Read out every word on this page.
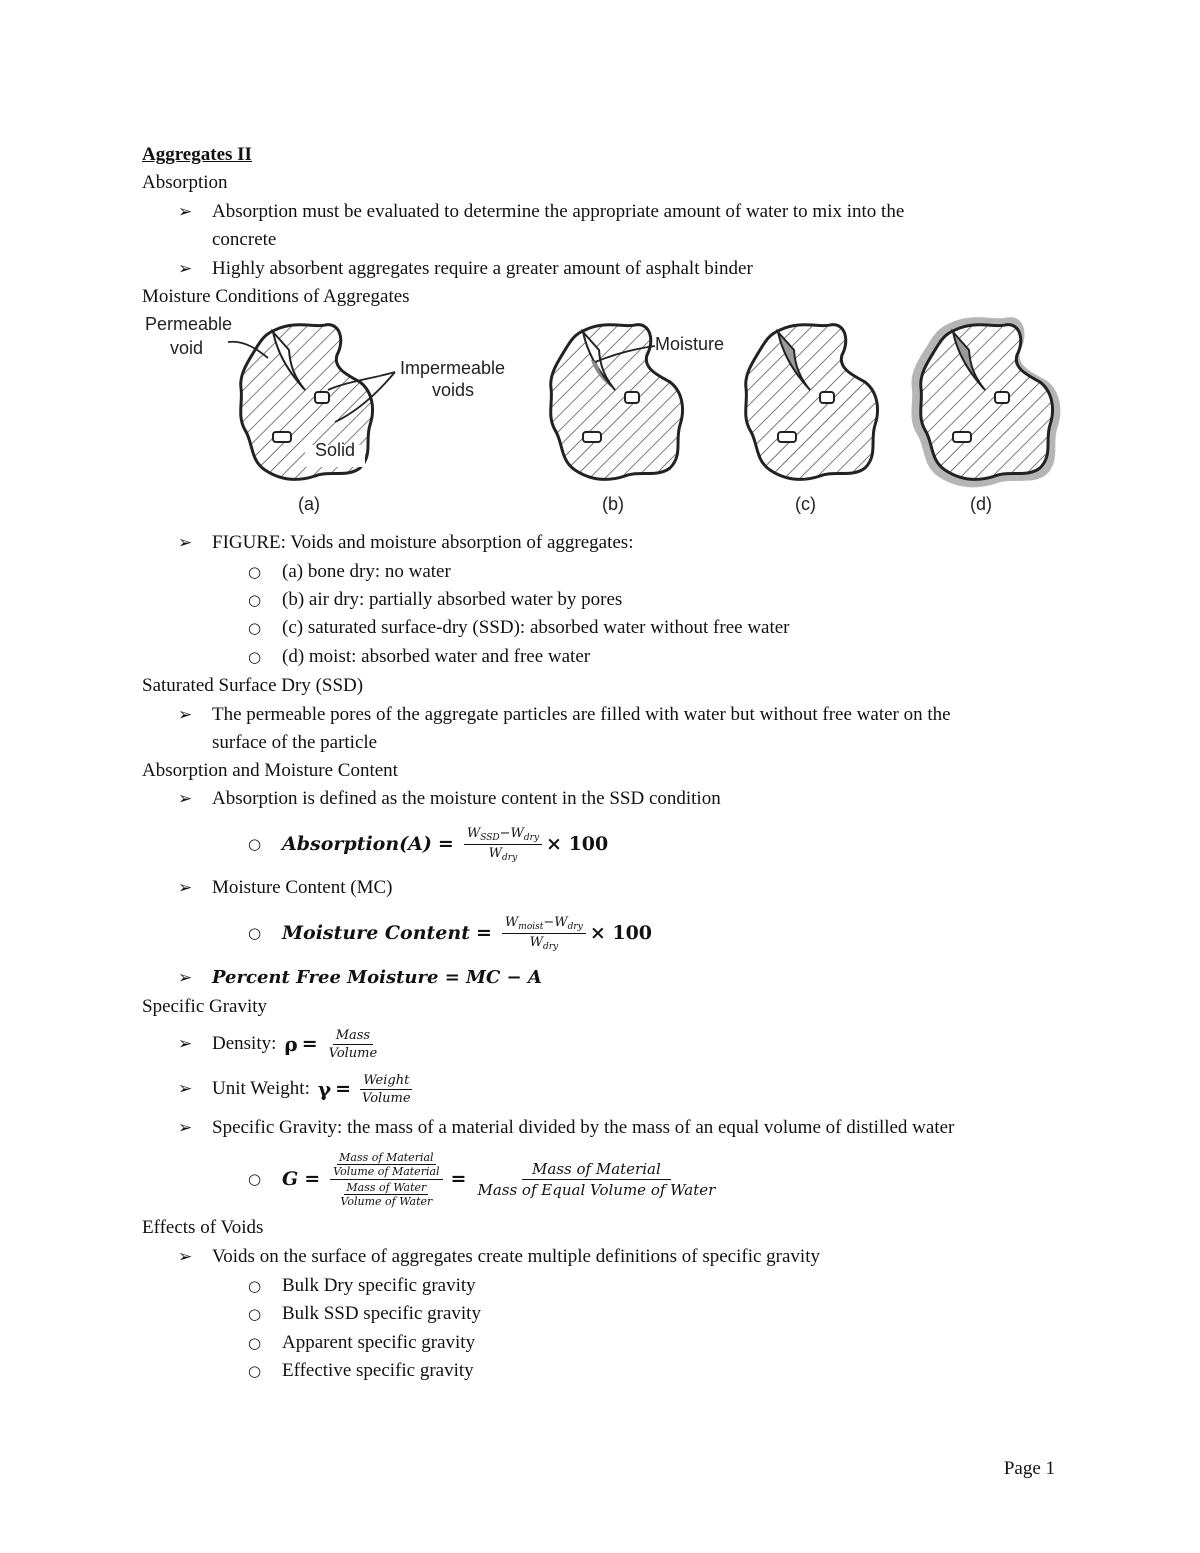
Aggregates II
Absorption
➢ Absorption must be evaluated to determine the appropriate amount of water to mix into the
concrete
➢ Highly absorbent aggregates require a greater amount of asphalt binder
Moisture Conditions of Aggregates
Permeable
void
Impermeable
voids
Solid
(a)
Moisture
(b)	(c)	(d)
➢ FIGURE: Voids and moisture absorption of aggregates:
○ (a) bone dry: no water
○ (b) air dry: partially absorbed water by pores
○ (c) saturated surface-dry (SSD): absorbed water without free water
○ (d) moist: absorbed water and free water
Saturated Surface Dry (SSD)
➢ The permeable pores of the aggregate particles are filled with water but without free water on the
surface of the particle
Absorption and Moisture Content
➢ Absorption is defined as the moisture content in the SSD condition
○ Absorption(A) = $\frac{W_{SSD}-W_{dry}}{W_{dry}} \times 100$
➢ Moisture Content (MC)
○ Moisture Content = $\frac{W_{moist}-W_{dry}}{W_{dry}} \times 100$
➢ Percent Free Moisture = MC − A
Specific Gravity
➢ Density: $\rho = \frac{\text{Mass}}{\text{Volume}}$
➢ Unit Weight: $\gamma = \frac{\text{Weight}}{\text{Volume}}$
➢ Specific Gravity: the mass of a material divided by the mass of an equal volume of distilled water
○ G = Mass of Material
Volume of Material
Mass of Water
Volume of Water = $\frac{\text{Mass of Material}}{\text{Mass of Equal Volume of Water}}$
Effects of Voids
➢ Voids on the surface of aggregates create multiple definitions of specific gravity
○ Bulk Dry specific gravity
○ Bulk SSD specific gravity
○ Apparent specific gravity
○ Effective specific gravity
Page 1
